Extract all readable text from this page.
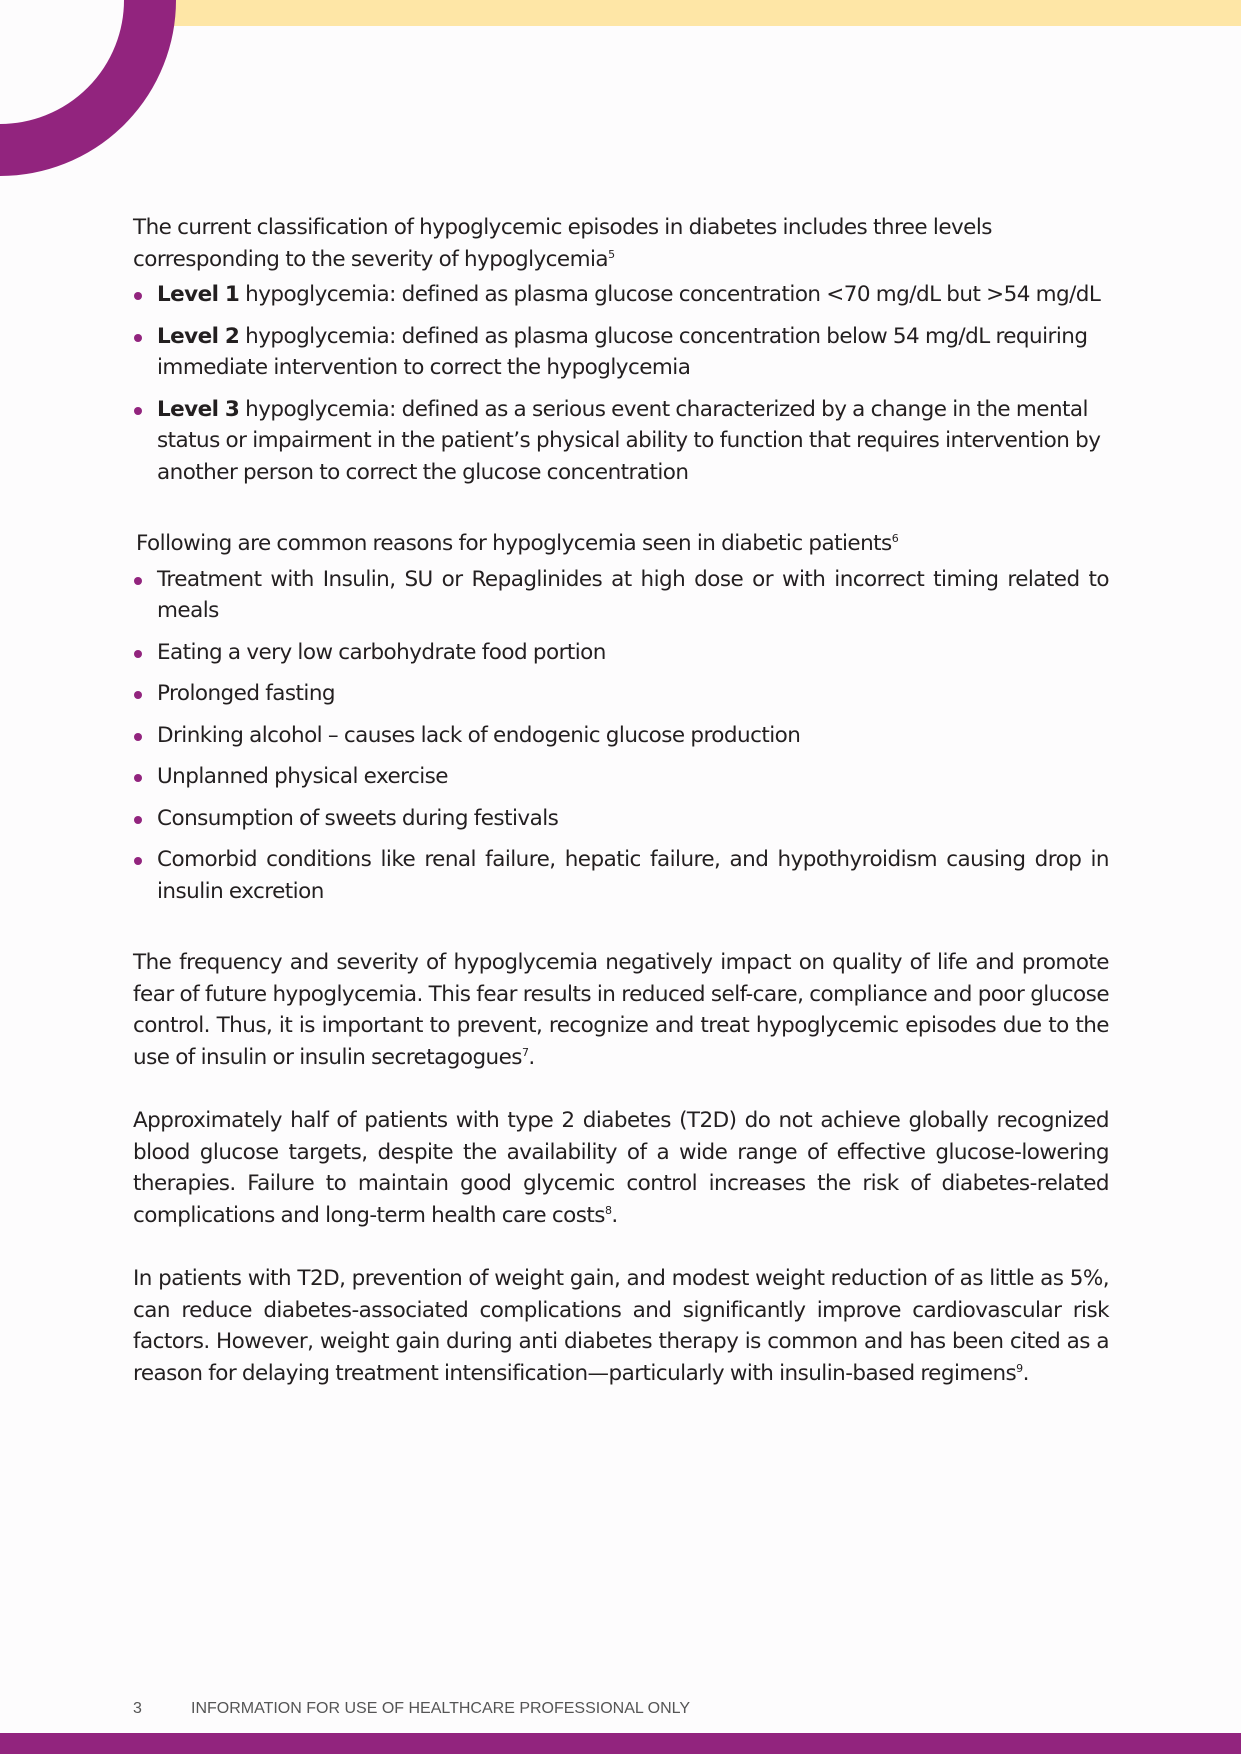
The current classification of hypoglycemic episodes in diabetes includes three levels corresponding to the severity of hypoglycemia$^5$

Level 1 hypoglycemia: defined as plasma glucose concentration <70 mg/dL but >54 mg/dL
Level 2 hypoglycemia: defined as plasma glucose concentration below 54 mg/dL requiring immediate intervention to correct the hypoglycemia
Level 3 hypoglycemia: defined as a serious event characterized by a change in the mental status or impairment in the patient’s physical ability to function that requires intervention by another person to correct the glucose concentration

Following are common reasons for hypoglycemia seen in diabetic patients$^6$

Treatment with Insulin, SU or Repaglinides at high dose or with incorrect timing related to meals
Eating a very low carbohydrate food portion
Prolonged fasting
Drinking alcohol – causes lack of endogenic glucose production
Unplanned physical exercise
Consumption of sweets during festivals
Comorbid conditions like renal failure, hepatic failure, and hypothyroidism causing drop in insulin excretion

The frequency and severity of hypoglycemia negatively impact on quality of life and promote fear of future hypoglycemia. This fear results in reduced self-care, compliance and poor glucose control. Thus, it is important to prevent, recognize and treat hypoglycemic episodes due to the use of insulin or insulin secretagogues$^7$.

Approximately half of patients with type 2 diabetes (T2D) do not achieve globally recognized blood glucose targets, despite the availability of a wide range of effective glucose-lowering therapies. Failure to maintain good glycemic control increases the risk of diabetes-related complications and long-term health care costs$^8$.

In patients with T2D, prevention of weight gain, and modest weight reduction of as little as 5%, can reduce diabetes-associated complications and significantly improve cardiovascular risk factors. However, weight gain during anti diabetes therapy is common and has been cited as a reason for delaying treatment intensification—particularly with insulin-based regimens$^9$.

3	INFORMATION FOR USE OF HEALTHCARE PROFESSIONAL ONLY
